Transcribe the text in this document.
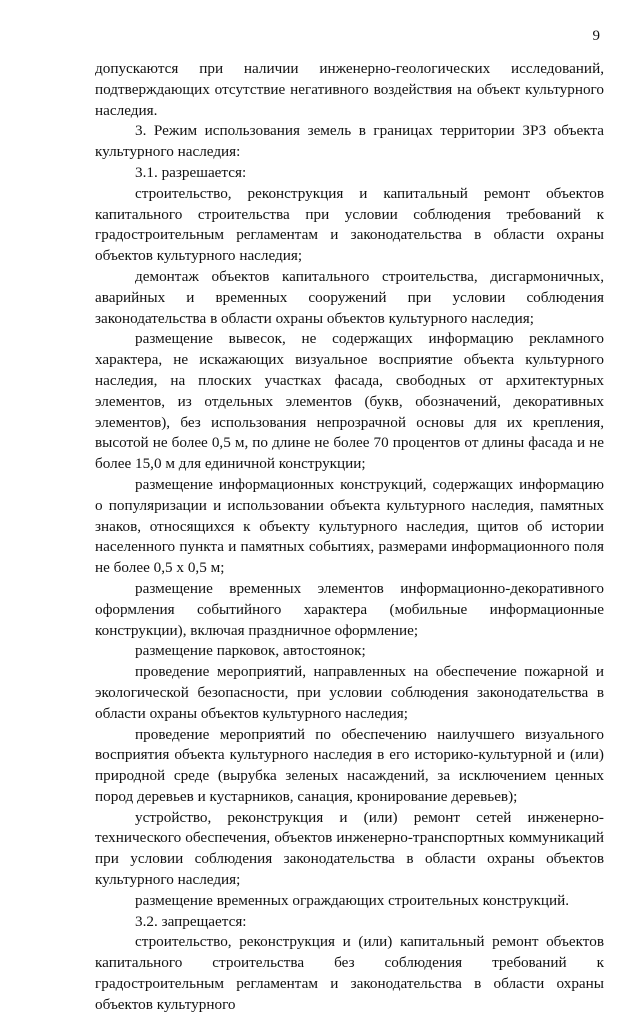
9

допускаются при наличии инженерно-геологических исследований, подтверждающих отсутствие негативного воздействия на объект культурного наследия.

3. Режим использования земель в границах территории ЗРЗ объекта культурного наследия:

3.1. разрешается:

строительство, реконструкция и капитальный ремонт объектов капитального строительства при условии соблюдения требований к градостроительным регламентам и законодательства в области охраны объектов культурного наследия;

демонтаж объектов капитального строительства, дисгармоничных, аварийных и временных сооружений при условии соблюдения законодательства в области охраны объектов культурного наследия;

размещение вывесок, не содержащих информацию рекламного характера, не искажающих визуальное восприятие объекта культурного наследия, на плоских участках фасада, свободных от архитектурных элементов, из отдельных элементов (букв, обозначений, декоративных элементов), без использования непрозрачной основы для их крепления, высотой не более 0,5 м, по длине не более 70 процентов от длины фасада и не более 15,0 м для единичной конструкции;

размещение информационных конструкций, содержащих информацию о популяризации и использовании объекта культурного наследия, памятных знаков, относящихся к объекту культурного наследия, щитов об истории населенного пункта и памятных событиях, размерами информационного поля не более 0,5 х 0,5 м;

размещение временных элементов информационно-декоративного оформления событийного характера (мобильные информационные конструкции), включая праздничное оформление;

размещение парковок, автостоянок;

проведение мероприятий, направленных на обеспечение пожарной и экологической безопасности, при условии соблюдения законодательства в области охраны объектов культурного наследия;

проведение мероприятий по обеспечению наилучшего визуального восприятия объекта культурного наследия в его историко-культурной и (или) природной среде (вырубка зеленых насаждений, за исключением ценных пород деревьев и кустарников, санация, кронирование деревьев);

устройство, реконструкция и (или) ремонт сетей инженерно-технического обеспечения, объектов инженерно-транспортных коммуникаций при условии соблюдения законодательства в области охраны объектов культурного наследия;

размещение временных ограждающих строительных конструкций.

3.2. запрещается:

строительство, реконструкция и (или) капитальный ремонт объектов капитального строительства без соблюдения требований к градостроительным регламентам и законодательства в области охраны объектов культурного
